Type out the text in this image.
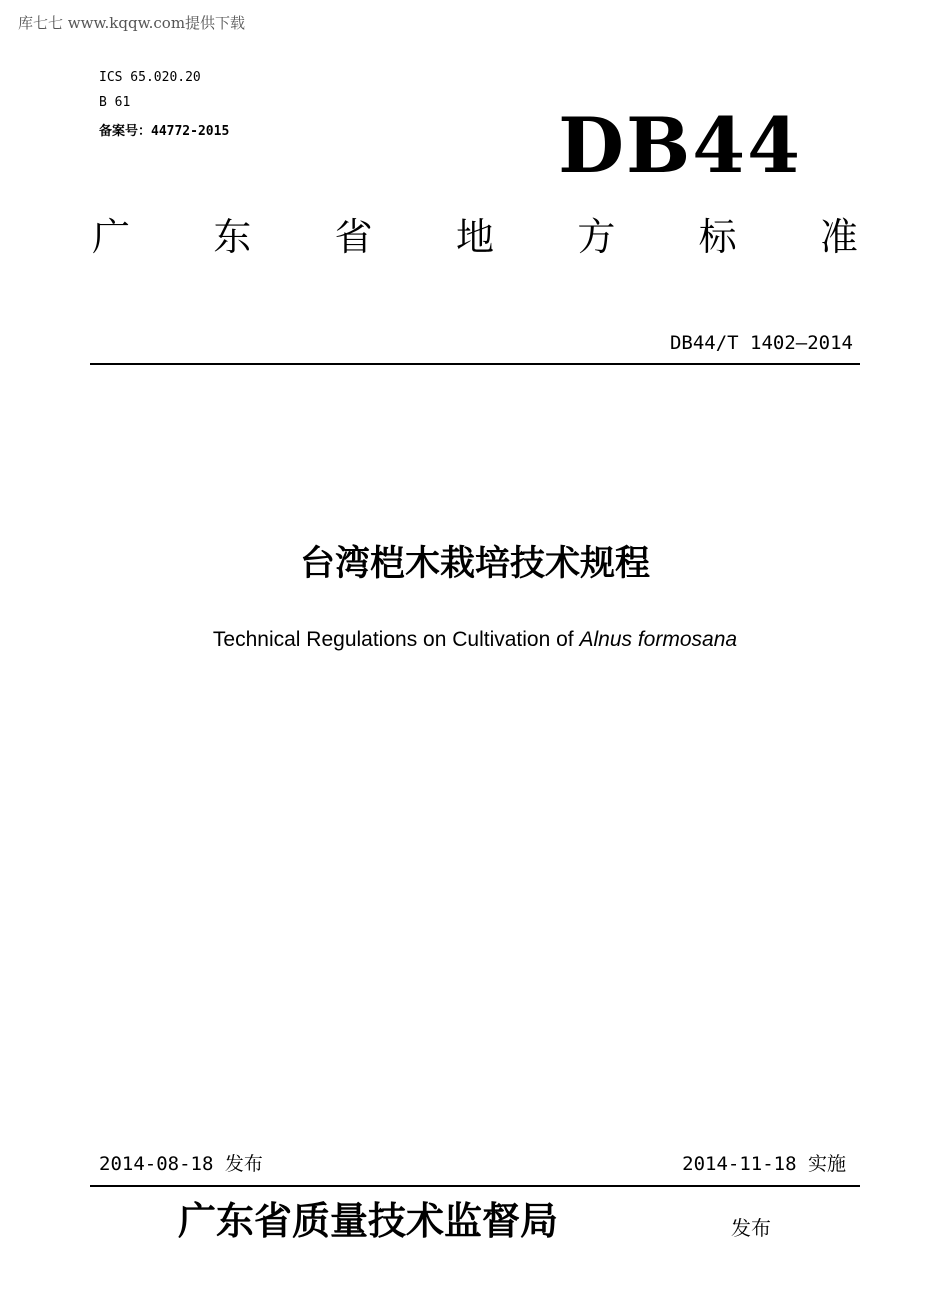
库七七 www.kqqw.com提供下载
ICS 65.020.20
B 61
备案号：44772-2015	DB44
广 东 省 地 方 标 准
DB44/T 1402—2014
台湾桤木栽培技术规程
Technical Regulations on Cultivation of Alnus formosana
2014-08-18 发布	2014-11-18 实施
广东省质量技术监督局	发布
